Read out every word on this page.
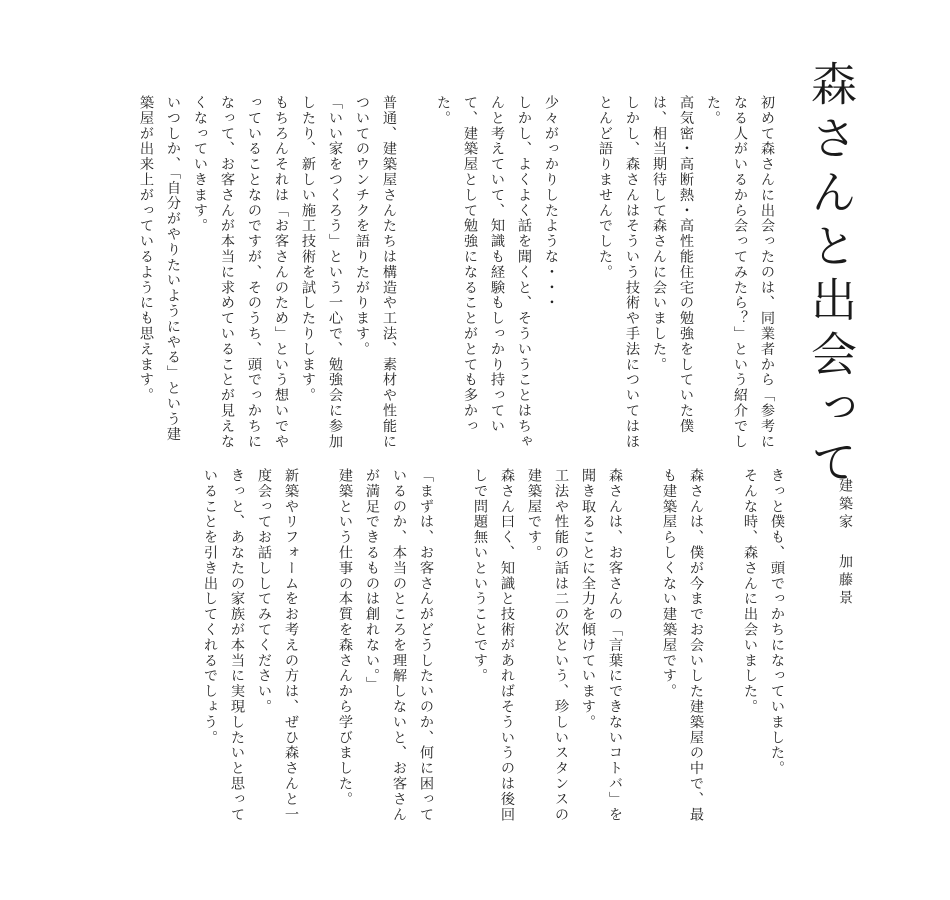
森さんと出会って
建築家加藤景

初めて森さんに出会ったのは、同業者から「参考になる人がいるから会ってみたら？」という紹介でした。

高気密・高断熱・高性能住宅の勉強をしていた僕は、相当期待して森さんに会いました。

しかし、森さんはそういう技術や手法についてはほとんど語りませんでした。

少々がっかりしたような・・・

しかし、よくよく話を聞くと、そういうことはちゃんと考えていて、知識も経験もしっかり持っていて、建築屋として勉強になることがとても多かった。

普通、建築屋さんたちは構造や工法、素材や性能についてのウンチクを語りたがります。

「いい家をつくろう」という一心で、勉強会に参加したり、新しい施工技術を試したりします。

もちろんそれは「お客さんのため」という想いでやっていることなのですが、そのうち、頭でっかちになって、お客さんが本当に求めていることが見えなくなっていきます。

いつしか、「自分がやりたいようにやる」という建築屋が出来上がっているようにも思えます。

きっと僕も、頭でっかちになっていました。

そんな時、森さんに出会いました。

森さんは、僕が今までお会いした建築屋の中で、最も建築屋らしくない建築屋です。

森さんは、お客さんの「言葉にできないコトバ」を聞き取ることに全力を傾けています。

工法や性能の話は二の次という、珍しいスタンスの建築屋です。

森さん曰く、知識と技術があればそういうのは後回しで問題無いということです。

「まずは、お客さんがどうしたいのか、何に困っているのか、本当のところを理解しないと、お客さんが満足できるものは創れない。」

建築という仕事の本質を森さんから学びました。

新築やリフォームをお考えの方は、ぜひ森さんと一度会ってお話ししてみてください。

きっと、あなたの家族が本当に実現したいと思っていることを引き出してくれるでしょう。
